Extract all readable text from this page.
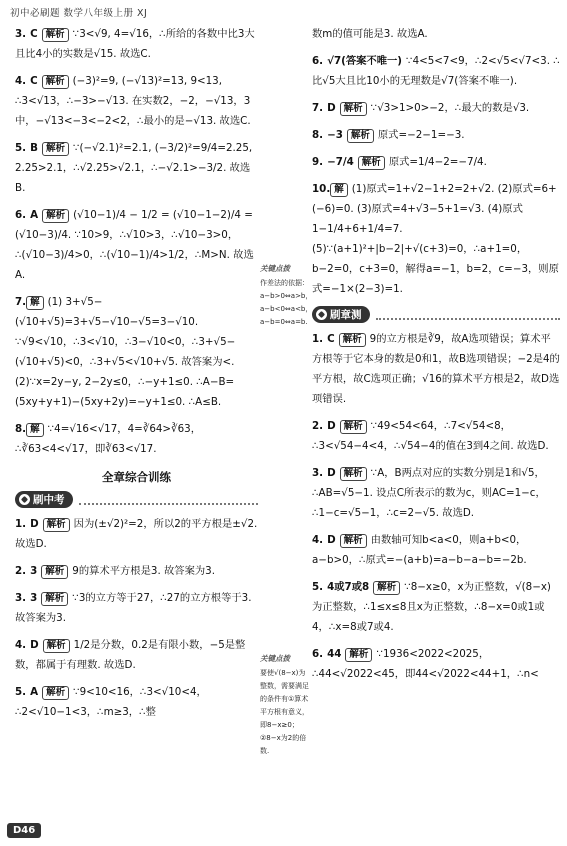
初中必刷题 数学八年级上册 XJ
3. C 解析 ∵3<√9, 4=√16，∴所给的各数中比3大且比4小的实数是√15. 故选C.
4. C 解析 (−3)²=9, (−√13)²=13, 9<13, ∴3<√13，∴−3>−√13. 在实数2，−2，−√13，3中，−√13<−3<−2<2，∴最小的是−√13. 故选C.
5. B 解析 ∵(−√2.1)²=2.1, (−3/2)²=9/4=2.25, 2.25>2.1，∴√2.25>√2.1，∴−√2.1>−3/2. 故选B.
6. A 解析 (√10−1)/4 − 1/2 = (√10−1−2)/4 = (√10−3)/4. ∵10>9，∴√10>3，∴√10−3>0，∴(√10−3)/4>0，∴(√10−1)/4>1/2，∴M>N. 故选A.
7. 解 (1) 3+√5−(√10+√5)=3+√5−√10−√5=3−√10. ∵√9<√10，∴3<√10，∴3−√10<0，∴3+√5−(√10+√5)<0，∴3+√5<√10+√5. 故答案为<. (2)∵x=2y−y, 2−2y≤0，∴−y+1≤0. ∴A−B=(5xy+y+1)−(5xy+2y)=−y+1≤0. ∴A≤B.
8. 解 ∵4=√16<√17，4=∛64>∛63，∴∛63<4<√17，即∛63<√17.
全章综合训练
刷中考
1. D 解析 因为(±√2)²=2，所以2的平方根是±√2. 故选D.
2. 3 解析 9的算术平方根是3. 故答案为3.
3. 3 解析 ∵3的立方等于27，∴27的立方根等于3. 故答案为3.
4. D 解析 1/2是分数，0.2是有限小数，−5是整数，都属于有理数. 故选D.
5. A 解析 ∵9<10<16，∴3<√10<4，∴2<√10−1<3，∴m≥3，∴整
关键点拨
作差法的依据：a−b>0⇔a>b，a−b<0⇔a<b，a−b=0⇔a=b.
关键点拨
要使√(8−x)为整数，需要满足的条件有①算术平方根有意义，即8−x≥0；②8−x为2的倍数.
数m的值可能是3. 故选A.
6. √7(答案不唯一) ∵4<5<7<9，∴2<√5<√7<3. ∴比√5大且比10小的无理数是√7(答案不唯一).
7. D 解析 ∵√3>1>0>−2，∴最大的数是√3.
8. −3 解析 原式=−2−1=−3.
9. −7/4 解析 原式=1/4−2=−7/4.
10. 解 (1)原式=1+√2−1+2=2+√2. (2)原式=6+(−6)=0. (3)原式=4+√3−5+1=√3. (4)原式1−1/4+6+1/4=7. (5)∵(a+1)²+|b−2|+√(c+3)=0，∴a+1=0，b−2=0，c+3=0，解得a=−1，b=2，c=−3，则原式=−1×(2−3)=1.
刷章测
1. C 解析 9的立方根是∛9，故A选项错误；算术平方根等于它本身的数是0和1，故B选项错误；−2是4的平方根，故C选项正确；√16的算术平方根是2，故D选项错误.
2. D 解析 ∵49<54<64，∴7<√54<8，∴3<√54−4<4，∴√54−4的值在3到4之间. 故选D.
3. D 解析 ∵A，B两点对应的实数分别是1和√5，∴AB=√5−1. 设点C所表示的数为c，则AC=1−c，∴1−c=√5−1，∴c=2−√5. 故选D.
4. D 解析 由数轴可知b<a<0，则a+b<0，a−b>0，∴原式=−(a+b)=a−b−a−b=−2b.
5. 4或7或8 解析 ∵8−x≥0，x为正整数，√(8−x)为正整数，∴1≤x≤8且x为正整数，∴8−x=0或1或4，∴x=8或7或4.
6. 44 解析 ∵1936<2022<2025，∴44<√2022<45，即44<√2022<44+1，∴n<
D46
